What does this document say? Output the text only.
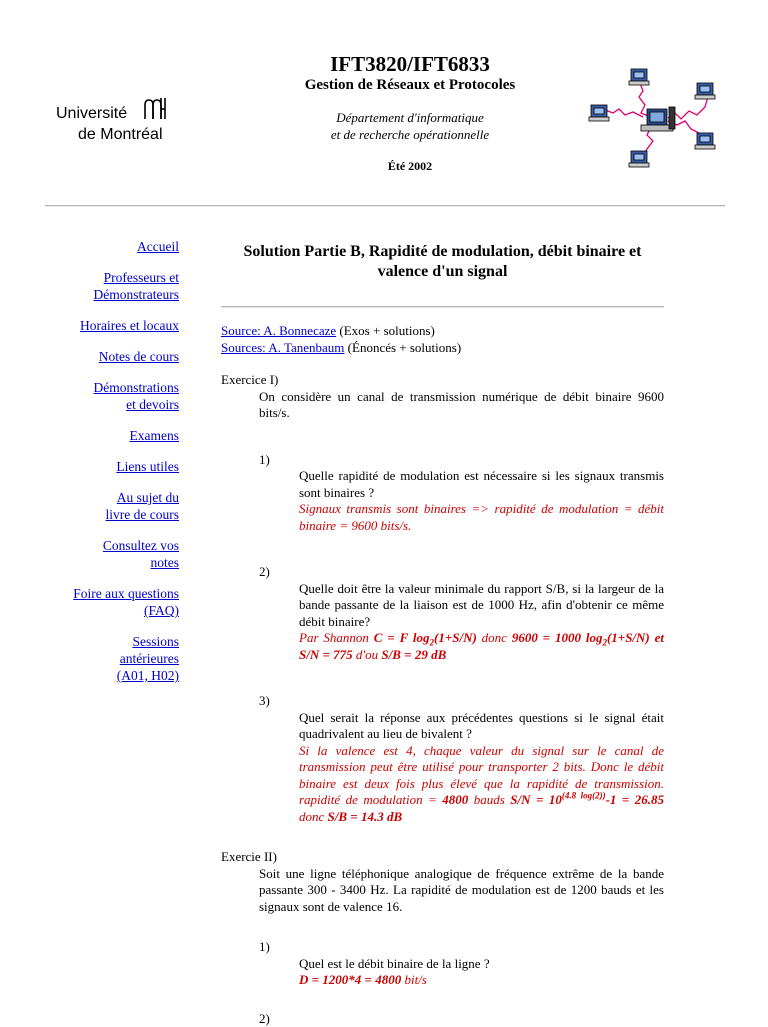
Université
de Montréal
IFT3820/IFT6833
Gestion de Réseaux et Protocoles
Département d'informatique
et de recherche opérationnelle
Été 2002
Accueil
Professeurs et
Démonstrateurs
Horaires et locaux
Notes de cours
Démonstrations
et devoirs
Examens
Liens utiles
Au sujet du
livre de cours
Consultez vos
notes
Foire aux questions
(FAQ)
Sessions
antérieures
(A01, H02)
Solution Partie B, Rapidité de modulation, débit binaire et valence d'un signal
Source: A. Bonnecaze (Exos + solutions)
Sources: A. Tanenbaum (Énoncés + solutions)
Exercice I)
On considère un canal de transmission numérique de débit binaire 9600 bits/s.
1)
Quelle rapidité de modulation est nécessaire si les signaux transmis sont binaires ?
Signaux transmis sont binaires => rapidité de modulation = débit binaire = 9600 bits/s.
2)
Quelle doit être la valeur minimale du rapport S/B, si la largeur de la bande passante de la liaison est de 1000 Hz, afin d'obtenir ce même débit binaire?
Par Shannon C = F $\log_2(1+S/N)$ donc 9600 = 1000 $\log_2(1+S/N)$ et S/N = 775 d'ou S/B = 29 dB
3)
Quel serait la réponse aux précédentes questions si le signal était quadrivalent au lieu de bivalent ?
Si la valence est 4, chaque valeur du signal sur le canal de transmission peut être utilisé pour transporter 2 bits. Donc le débit binaire est deux fois plus élevé que la rapidité de transmission. rapidité de modulation = 4800 bauds $S/N = 10^{(4.8 log(2))}-1 = 26.85$ donc S/B = 14.3 dB
Exercie II)
Soit une ligne téléphonique analogique de fréquence extrême de la bande passante 300 - 3400 Hz. La rapidité de modulation est de 1200 bauds et les signaux sont de valence 16.
1)
Quel est le débit binaire de la ligne ?
D = 1200*4 = 4800 bit/s
2)
